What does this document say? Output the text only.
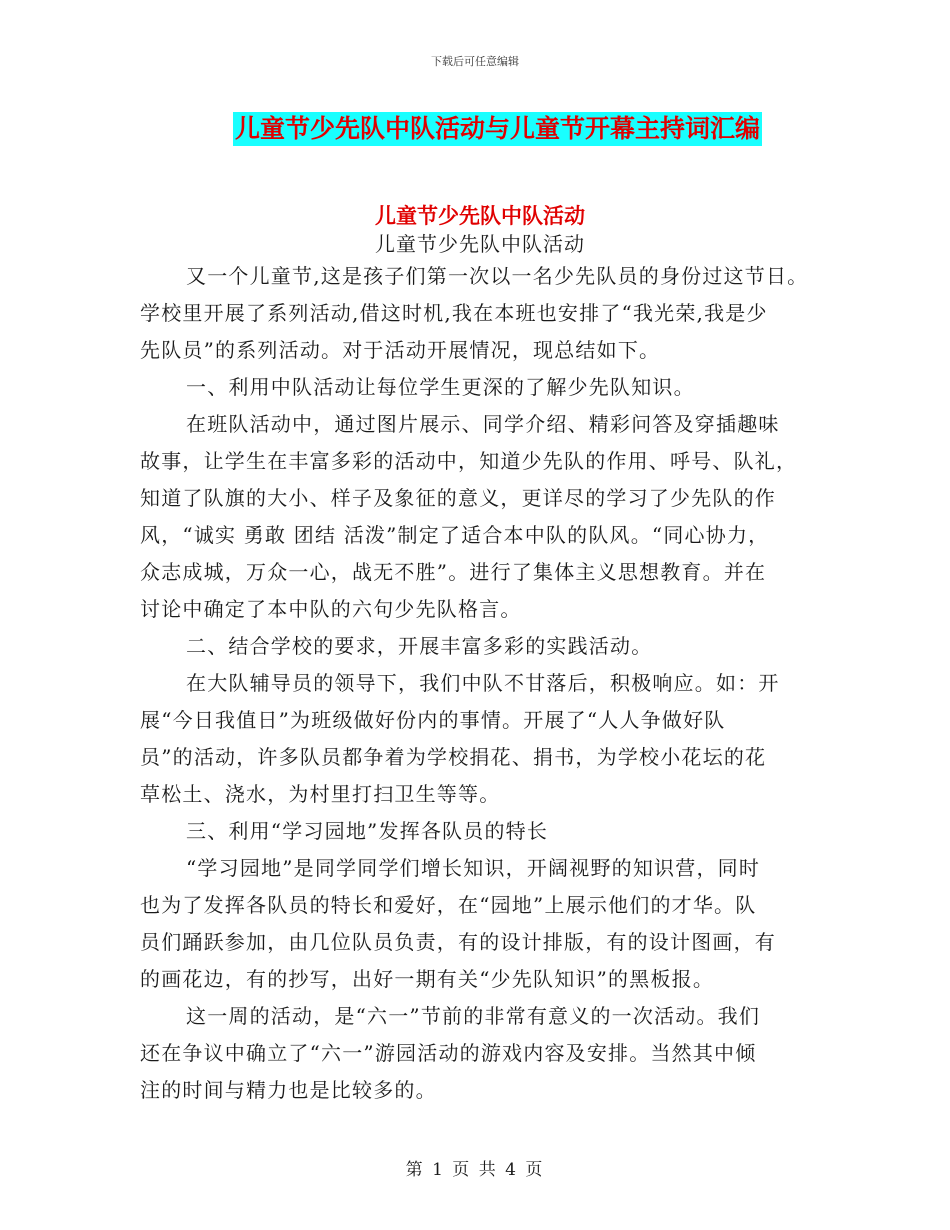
下载后可任意编辑
儿童节少先队中队活动与儿童节开幕主持词汇编
儿童节少先队中队活动
儿童节少先队中队活动
又一个儿童节,这是孩子们第一次以一名少先队员的身份过这节日。
学校里开展了系列活动,借这时机,我在本班也安排了“我光荣,我是少
先队员”的系列活动。对于活动开展情况，现总结如下。
一、利用中队活动让每位学生更深的了解少先队知识。
在班队活动中，通过图片展示、同学介绍、精彩问答及穿插趣味
故事，让学生在丰富多彩的活动中，知道少先队的作用、呼号、队礼，
知道了队旗的大小、样子及象征的意义，更详尽的学习了少先队的作
风，“诚实 勇敢 团结 活泼”制定了适合本中队的队风。“同心协力，
众志成城，万众一心，战无不胜”。进行了集体主义思想教育。并在
讨论中确定了本中队的六句少先队格言。
二、结合学校的要求，开展丰富多彩的实践活动。
在大队辅导员的领导下，我们中队不甘落后，积极响应。如：开
展“今日我值日”为班级做好份内的事情。开展了“人人争做好队
员”的活动，许多队员都争着为学校捐花、捐书，为学校小花坛的花
草松土、浇水，为村里打扫卫生等等。
三、利用“学习园地”发挥各队员的特长
“学习园地”是同学同学们增长知识，开阔视野的知识营，同时
也为了发挥各队员的特长和爱好，在“园地”上展示他们的才华。队
员们踊跃参加，由几位队员负责，有的设计排版，有的设计图画，有
的画花边，有的抄写，出好一期有关“少先队知识”的黑板报。
这一周的活动，是“六一”节前的非常有意义的一次活动。我们
还在争议中确立了“六一”游园活动的游戏内容及安排。当然其中倾
注的时间与精力也是比较多的。
第 1 页 共 4 页
